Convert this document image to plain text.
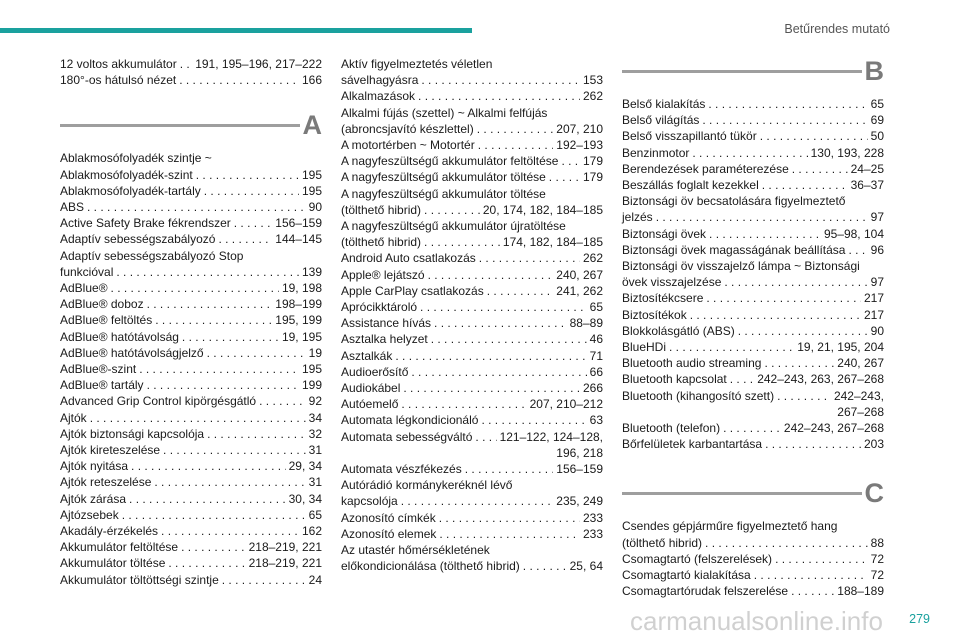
Betűrendes mutató
12 voltos akkumulátor . . . 191, 195–196, 217–222
180°-os hátulsó nézet . . .	166
A
Ablakmosófolyadék szintje ~
Ablakmosófolyadék-szint . . .	195
Ablakmosófolyadék-tartály . . .	195
ABS . . .	90
Active Safety Brake fékrendszer . . .	156–159
Adaptív sebességszabályozó . . .	144–145
Adaptív sebességszabályozó Stop
funkcióval . . .	139
AdBlue® . . .	19, 198
AdBlue® doboz . . .	198–199
AdBlue® feltöltés . . .	195, 199
AdBlue® hatótávolság . . .	19, 195
AdBlue® hatótávolságjelző . . .	19
AdBlue®-szint . . .	195
AdBlue® tartály . . .	199
Advanced Grip Control kipörgésgátló . . .	92
Ajtók . . .	34
Ajtók biztonsági kapcsolója . . .	32
Ajtók kireteszelése . . .	31
Ajtók nyitása . . .	29, 34
Ajtók reteszelése . . .	31
Ajtók zárása . . .	30, 34
Ajtózsebek . . .	65
Akadály-érzékelés . . .	162
Akkumulátor feltöltése . . .	218–219, 221
Akkumulátor töltése . . .	218–219, 221
Akkumulátor töltöttségi szintje . . .	24
Aktív figyelmeztetés véletlen
sávelhagyásra . . .	153
Alkalmazások . . .	262
Alkalmi fújás (szettel) ~ Alkalmi felfújás
(abroncsjavító készlettel) . . .	207, 210
A motortérben ~ Motortér . . .	192–193
A nagyfeszültségű akkumulátor feltöltése . . . 179
A nagyfeszültségű akkumulátor töltése . . .	179
A nagyfeszültségű akkumulátor töltése
(tölthető hibrid) . . .	20, 174, 182, 184–185
A nagyfeszültségű akkumulátor újratöltése
(tölthető hibrid) . . .	174, 182, 184–185
Android Auto csatlakozás . . .	262
Apple® lejátszó . . .	240, 267
Apple CarPlay csatlakozás . . .	241, 262
Aprócikktároló . . .	65
Assistance hívás . . .	88–89
Asztalka helyzet . . .	46
Asztalkák . . .	71
Audioerősítő . . .	66
Audiokábel . . .	266
Autóemelő . . .	207, 210–212
Automata légkondicionáló . . .	63
Automata sebességváltó . . . 121–122, 124–128,
196, 218
Automata vészfékezés . . .	156–159
Autórádió kormánykeréknél lévő
kapcsolója . . .	235, 249
Azonosító címkék . . .	233
Azonosító elemek . . .	233
Az utastér hőmérsékletének
előkondicionálása (tölthető hibrid) . . .	25, 64
B
Belső kialakítás . . .	65
Belső világítás . . .	69
Belső visszapillantó tükör . . .	50
Benzinmotor . . .	130, 193, 228
Berendezések paraméterezése . . .	24–25
Beszállás foglalt kezekkel . . .	36–37
Biztonsági öv becsatolására figyelmeztető
jelzés . . .	97
Biztonsági övek . . .	95–98, 104
Biztonsági övek magasságának beállítása . . . 96
Biztonsági öv visszajelző lámpa ~ Biztonsági
övek visszajelzése . . .	97
Biztosítékcsere . . .	217
Biztosítékok . . .	217
Blokkolásgátló (ABS) . . .	90
BlueHDi . . .	19, 21, 195, 204
Bluetooth audio streaming . . .	240, 267
Bluetooth kapcsolat . . .	242–243, 263, 267–268
Bluetooth (kihangosító szett) . . .	242–243,
267–268
Bluetooth (telefon) . . .	242–243, 267–268
Bőrfelületek karbantartása . . .	203
C
Csendes gépjárműre figyelmeztető hang
(tölthető hibrid) . . .	88
Csomagtartó (felszerelések) . . .	72
Csomagtartó kialakítása . . .	72
Csomagtartórudak felszerelése . . .	188–189
carmanualsonline.info 279
